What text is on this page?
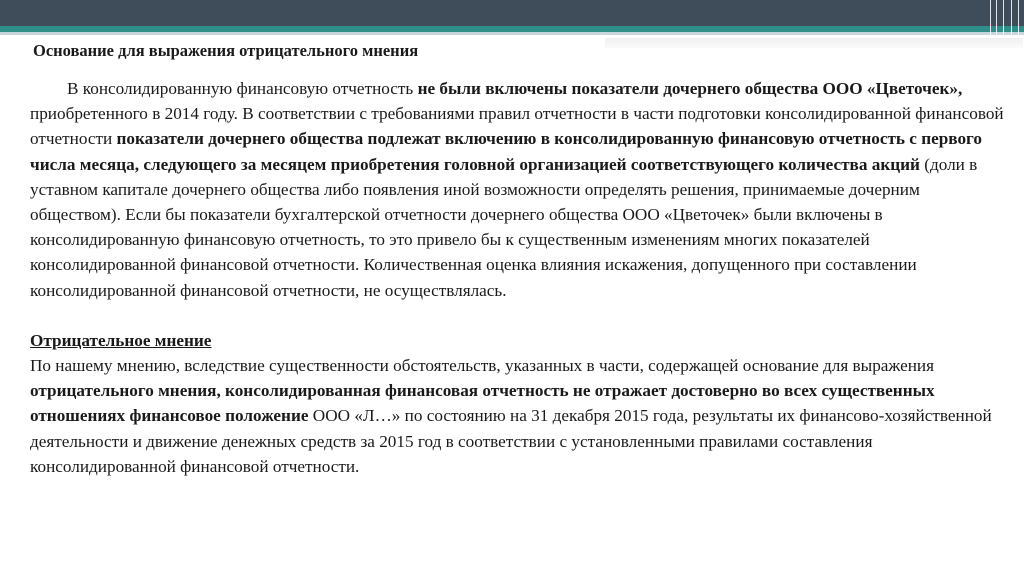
Основание для выражения отрицательного мнения

В консолидированную финансовую отчетность не были включены показатели дочернего общества ООО «Цветочек», приобретенного в 2014 году. В соответствии с требованиями правил отчетности в части подготовки консолидированной финансовой отчетности показатели дочернего общества подлежат включению в консолидированную финансовую отчетность с первого числа месяца, следующего за месяцем приобретения головной организацией соответствующего количества акций (доли в уставном капитале дочернего общества либо появления иной возможности определять решения, принимаемые дочерним обществом). Если бы показатели бухгалтерской отчетности дочернего общества ООО «Цветочек» были включены в консолидированную финансовую отчетность, то это привело бы к существенным изменениям многих показателей консолидированной финансовой отчетности. Количественная оценка влияния искажения, допущенного при составлении консолидированной финансовой отчетности, не осуществлялась.

Отрицательное мнение

По нашему мнению, вследствие существенности обстоятельств, указанных в части, содержащей основание для выражения отрицательного мнения, консолидированная финансовая отчетность не отражает достоверно во всех существенных отношениях финансовое положение ООО «Л…» по состоянию на 31 декабря 2015 года, результаты их финансово-хозяйственной деятельности и движение денежных средств за 2015 год в соответствии с установленными правилами составления консолидированной финансовой отчетности.
